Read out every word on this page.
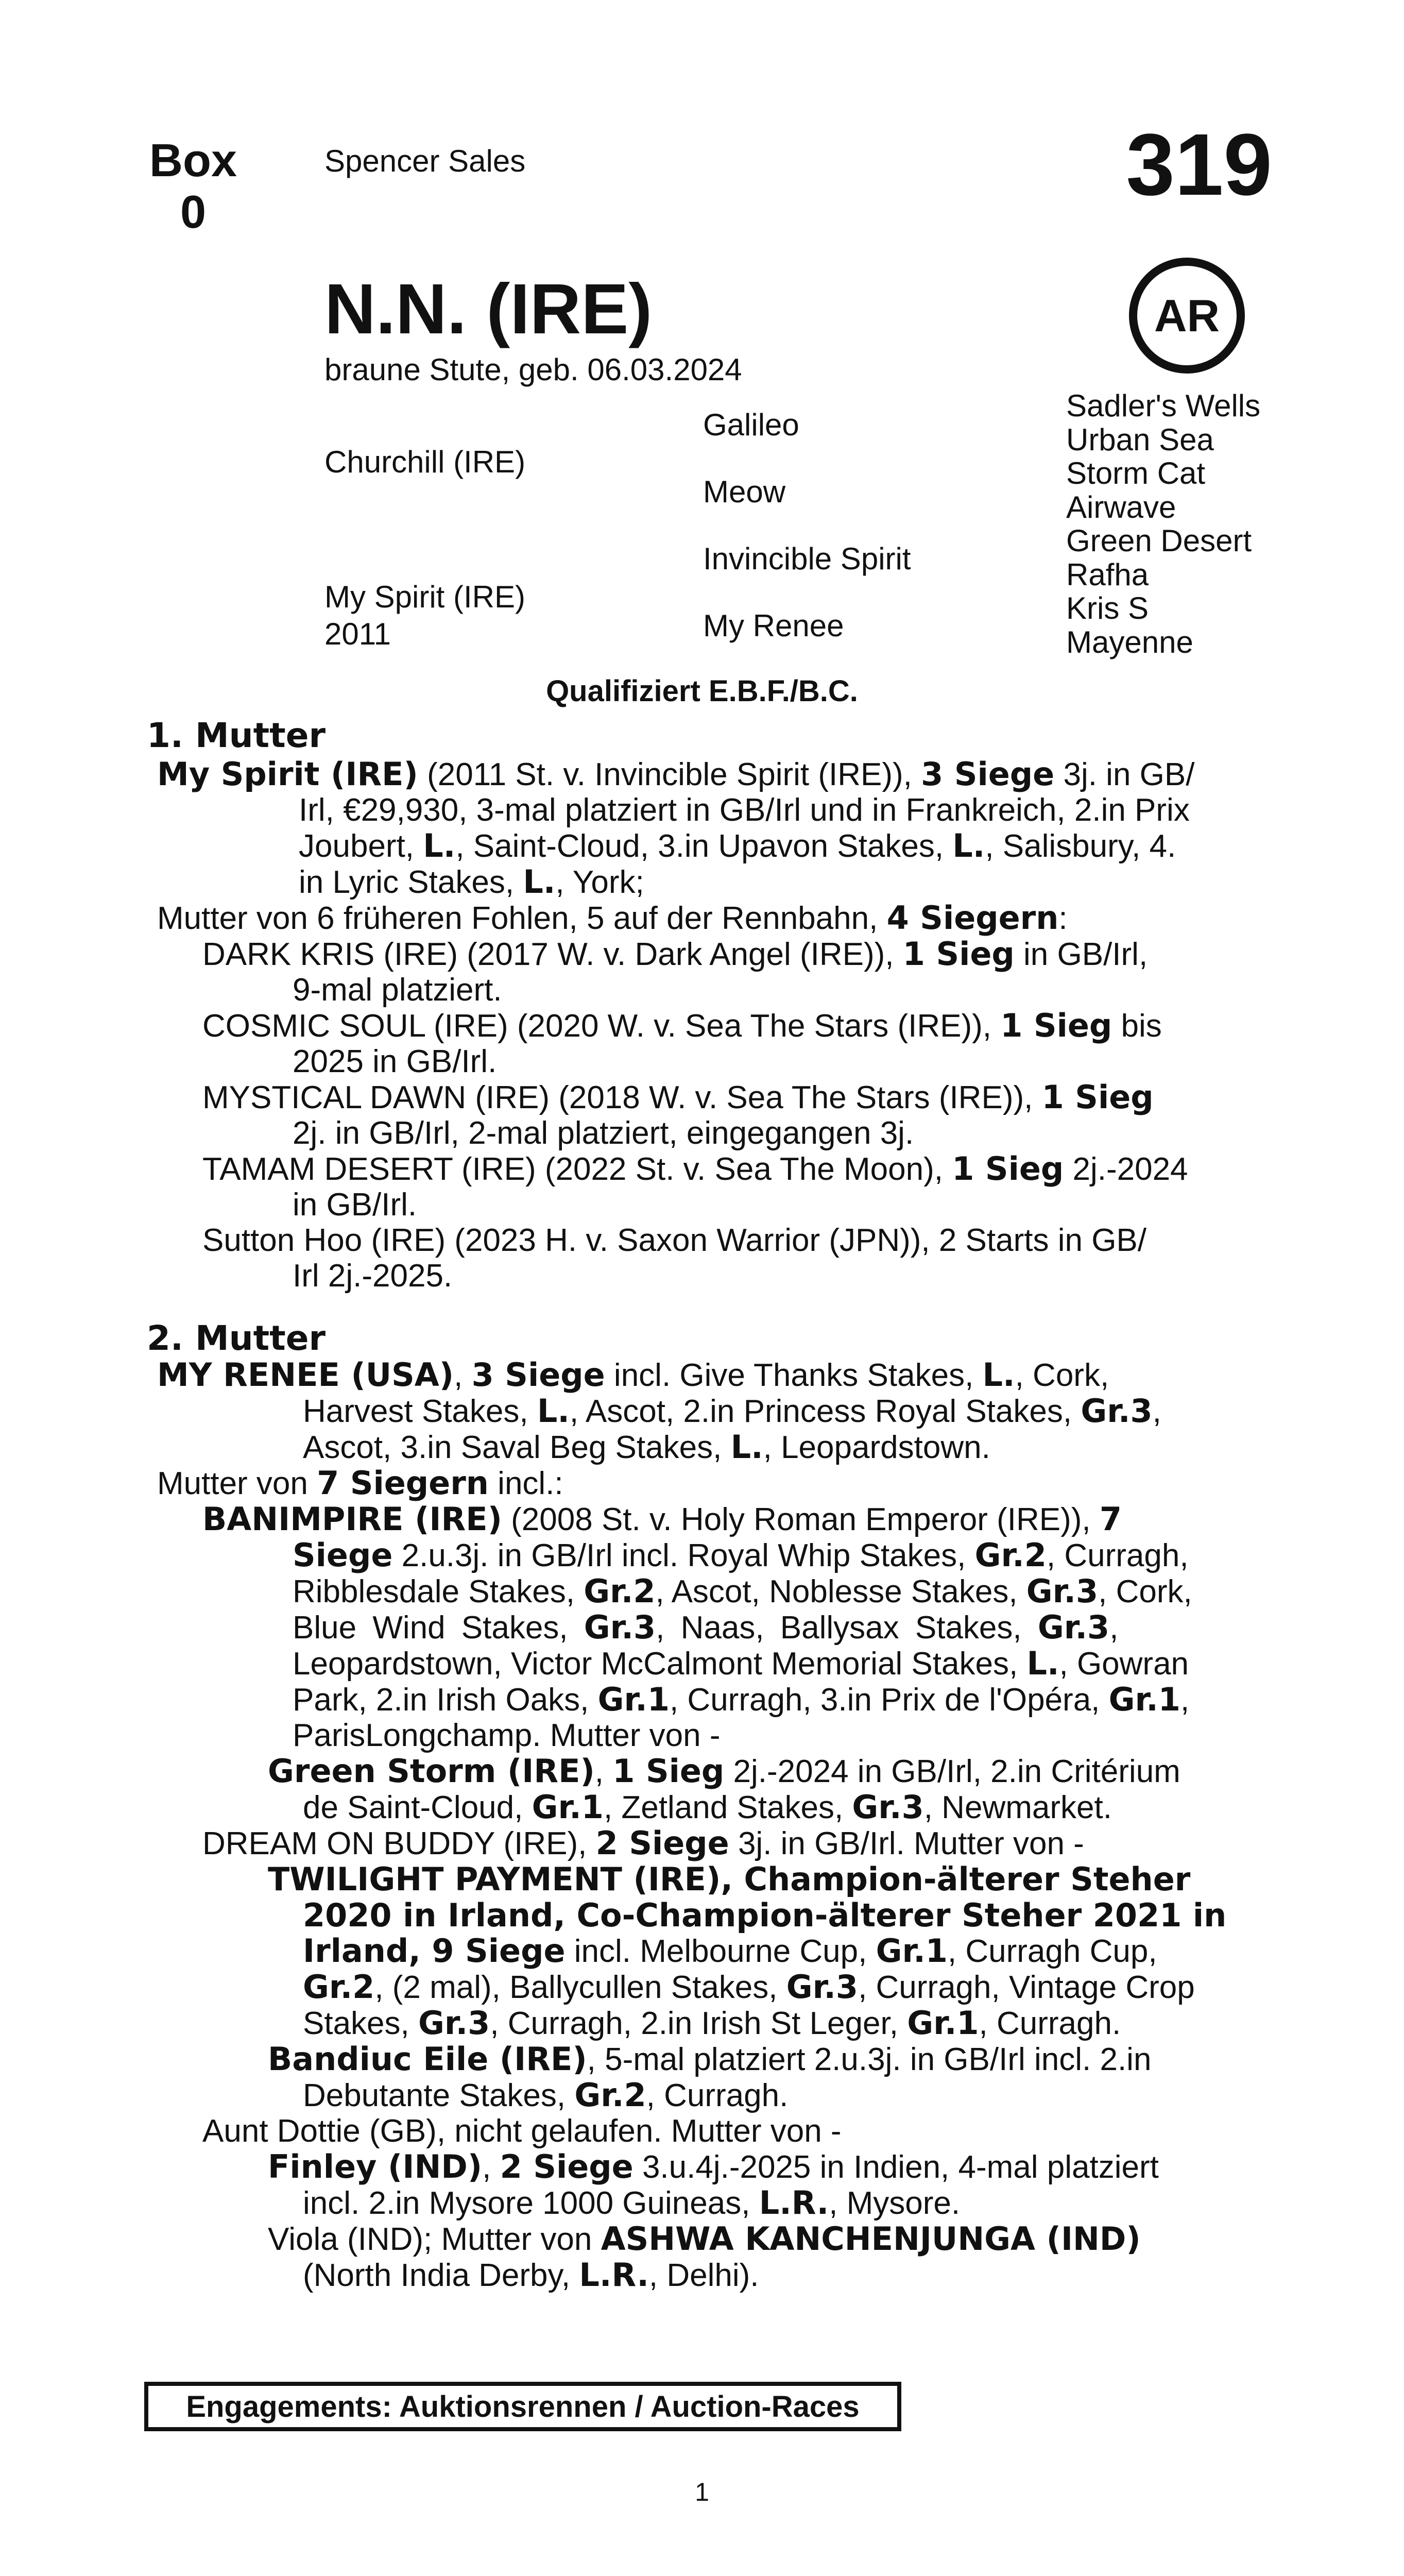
Box
0
Spencer Sales	319
AR
N.N. (IRE)
braune Stute, geb. 06.03.2024
Churchill (IRE)
My Spirit (IRE)
2011
Galileo
Meow
Invincible Spirit
My Renee
Sadler's Wells
Urban Sea
Storm Cat
Airwave
Green Desert
Rafha
Kris S
Mayenne
Qualifiziert E.B.F./B.C.
1. Mutter
My Spirit (IRE) (2011 St. v. Invincible Spirit (IRE)), 3 Siege 3j. in GB/
Irl, €29,930, 3-mal platziert in GB/Irl und in Frankreich, 2.in Prix
Joubert, L., Saint-Cloud, 3.in Upavon Stakes, L., Salisbury, 4.
in Lyric Stakes, L., York;
Mutter von 6 früheren Fohlen, 5 auf der Rennbahn, 4 Siegern:
DARK KRIS (IRE) (2017 W. v. Dark Angel (IRE)), 1 Sieg in GB/Irl,
9-mal platziert.
COSMIC SOUL (IRE) (2020 W. v. Sea The Stars (IRE)), 1 Sieg bis
2025 in GB/Irl.
MYSTICAL DAWN (IRE) (2018 W. v. Sea The Stars (IRE)), 1 Sieg
2j. in GB/Irl, 2-mal platziert, eingegangen 3j.
TAMAM DESERT (IRE) (2022 St. v. Sea The Moon), 1 Sieg 2j.-2024
in GB/Irl.
Sutton Hoo (IRE) (2023 H. v. Saxon Warrior (JPN)), 2 Starts in GB/
Irl 2j.-2025.
2. Mutter
MY RENEE (USA), 3 Siege incl. Give Thanks Stakes, L., Cork,
Harvest Stakes, L., Ascot, 2.in Princess Royal Stakes, Gr.3,
Ascot, 3.in Saval Beg Stakes, L., Leopardstown.
Mutter von 7 Siegern incl.:
BANIMPIRE (IRE) (2008 St. v. Holy Roman Emperor (IRE)), 7
Siege 2.u.3j. in GB/Irl incl. Royal Whip Stakes, Gr.2, Curragh,
Ribblesdale Stakes, Gr.2, Ascot, Noblesse Stakes, Gr.3, Cork,
Blue Wind Stakes, Gr.3, Naas, Ballysax Stakes, Gr.3,
Leopardstown, Victor McCalmont Memorial Stakes, L., Gowran
Park, 2.in Irish Oaks, Gr.1, Curragh, 3.in Prix de l'Opéra, Gr.1,
ParisLongchamp. Mutter von -
Green Storm (IRE), 1 Sieg 2j.-2024 in GB/Irl, 2.in Critérium
de Saint-Cloud, Gr.1, Zetland Stakes, Gr.3, Newmarket.
DREAM ON BUDDY (IRE), 2 Siege 3j. in GB/Irl. Mutter von -
TWILIGHT PAYMENT (IRE), Champion-älterer Steher
2020 in Irland, Co-Champion-älterer Steher 2021 in
Irland, 9 Siege incl. Melbourne Cup, Gr.1, Curragh Cup,
Gr.2, (2 mal), Ballycullen Stakes, Gr.3, Curragh, Vintage Crop
Stakes, Gr.3, Curragh, 2.in Irish St Leger, Gr.1, Curragh.
Bandiuc Eile (IRE), 5-mal platziert 2.u.3j. in GB/Irl incl. 2.in
Debutante Stakes, Gr.2, Curragh.
Aunt Dottie (GB), nicht gelaufen. Mutter von -
Finley (IND), 2 Siege 3.u.4j.-2025 in Indien, 4-mal platziert
incl. 2.in Mysore 1000 Guineas, L.R., Mysore.
Viola (IND); Mutter von ASHWA KANCHENJUNGA (IND)
(North India Derby, L.R., Delhi).
Engagements: Auktionsrennen / Auction-Races
1
